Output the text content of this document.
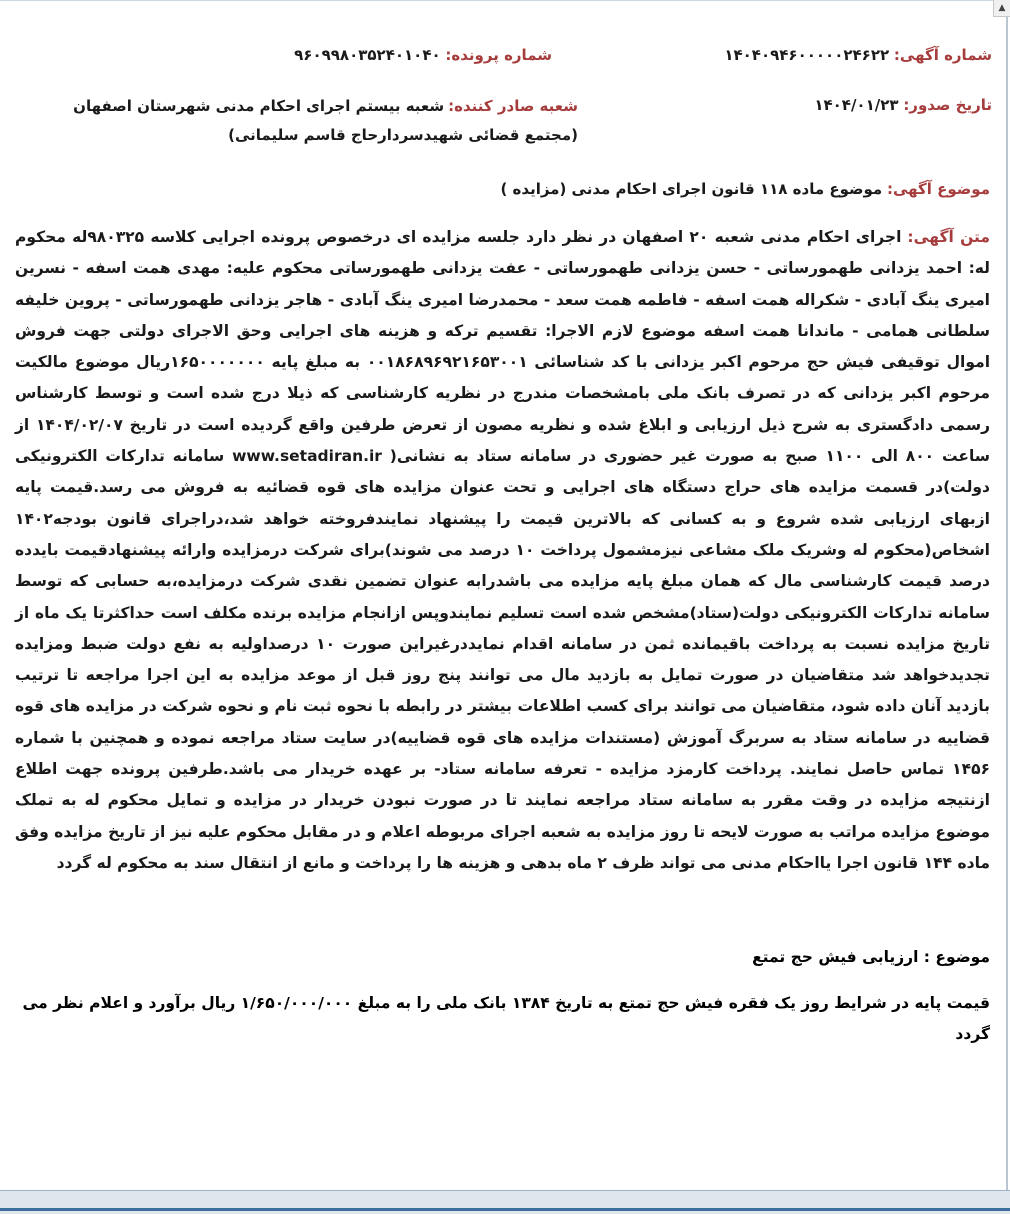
▲
شماره آگهی: ۱۴۰۴۰۹۴۶۰۰۰۰۰۲۴۶۲۲
شماره پرونده: ۹۶۰۹۹۸۰۳۵۲۴۰۱۰۴۰
تاریخ صدور: ۱۴۰۴/۰۱/۲۳
شعبه صادر کننده:شعبه بیستم اجرای احکام مدنی شهرستان اصفهان (مجتمع قضائی شهیدسردارحاج قاسم سلیمانی)
موضوع آگهی: موضوع ماده ۱۱۸ قانون اجرای احکام مدنی (مزایده )
متن آگهی:اجرای احکام مدنی شعبه ۲۰ اصفهان در نظر دارد جلسه مزایده ای درخصوص پرونده اجرایی کلاسه ۹۸۰۳۲۵له محکوم له: احمد یزدانی طهمورساتی - حسن یزدانی طهمورساتی - عفت یزدانی طهمورساتی محکوم علیه: مهدی همت اسفه - نسرین امیری ینگ آبادی - شکراله همت اسفه - فاطمه همت سعد - محمدرضا امیری ینگ آبادی - هاجر یزدانی طهمورساتی - پروین خلیفه سلطانی همامی - ماندانا همت اسفه موضوع لازم الاجرا: تقسیم ترکه و هزینه های اجرایی وحق الاجرای دولتی جهت فروش اموال توقیفی فیش حج مرحوم اکبر یزدانی با کد شناسائی ۰۰۱۸۶۸۹۶۹۲۱۶۵۳۰۰۱ به مبلغ پایه ۱۶۵۰۰۰۰۰۰۰ریال موضوع مالکیت مرحوم اکبر یزدانی که در تصرف بانک ملی بامشخصات مندرج در نظریه کارشناسی که ذیلا درج شده است و توسط کارشناس رسمی دادگستری به شرح ذیل ارزیابی و ابلاغ شده و نظریه مصون از تعرض طرفین واقع گردیده است در تاریخ ۱۴۰۴/۰۲/۰۷ از ساعت ۸۰۰ الی ۱۱۰۰ صبح به صورت غیر حضوری در سامانه ستاد به نشانی( www.setadiran.ir سامانه تدارکات الکترونیکی دولت)در قسمت مزایده های حراج دستگاه های اجرایی و تحت عنوان مزایده های قوه قضائیه به فروش می رسد.قیمت پایه ازبهای ارزیابی شده شروع و به کسانی که بالاترین قیمت را پیشنهاد نمایندفروخته خواهد شد،دراجرای قانون بودجه۱۴۰۲ اشخاص(محکوم له وشریک ملک مشاعی نیزمشمول پرداخت ۱۰ درصد می شوند)برای شرکت درمزایده وارائه پیشنهادقیمت بایدده درصد قیمت کارشناسی مال که همان مبلغ پایه مزایده می باشدرابه عنوان تضمین نقدی شرکت درمزایده،به حسابی که توسط سامانه تدارکات الکترونیکی دولت(ستاد)مشخص شده است تسلیم نمایندوپس ازانجام مزایده برنده مکلف است حداکثرتا یک ماه از تاریخ مزایده نسبت به پرداخت باقیمانده ثمن در سامانه اقدام نمایددرغیراین صورت ۱۰ درصداولیه به نفع دولت ضبط ومزایده تجدیدخواهد شد متقاضیان در صورت تمایل به بازدید مال می توانند پنج روز قبل از موعد مزایده به این اجرا مراجعه تا ترتیب بازدید آنان داده شود، متقاضیان می توانند برای کسب اطلاعات بیشتر در رابطه با نحوه ثبت نام و نحوه شرکت در مزایده های قوه قضاییه در سامانه ستاد به سربرگ آموزش (مستندات مزایده های قوه قضاییه)در سایت ستاد مراجعه نموده و همچنین با شماره ۱۴۵۶ تماس حاصل نمایند. پرداخت کارمزد مزایده - تعرفه سامانه ستاد- بر عهده خریدار می باشد.طرفین پرونده جهت اطلاع ازنتیجه مزایده در وقت مقرر به سامانه ستاد مراجعه نمایند تا در صورت نبودن خریدار در مزایده و تمایل محکوم له به تملک موضوع مزایده مراتب به صورت لایحه تا روز مزایده به شعبه اجرای مربوطه اعلام و در مقابل محکوم علیه نیز از تاریخ مزایده وفق ماده ۱۴۴ قانون اجرا یااحکام مدنی می تواند ظرف ۲ ماه بدهی و هزینه ها را پرداخت و مانع از انتقال سند به محکوم له گردد
موضوع : ارزیابی فیش حج تمتع
قیمت پایه در شرایط روز یک فقره فیش حج تمتع به تاریخ ۱۳۸۴ بانک ملی را به مبلغ ۱/۶۵۰/۰۰۰/۰۰۰ ریال برآورد و اعلام نظر می گردد
